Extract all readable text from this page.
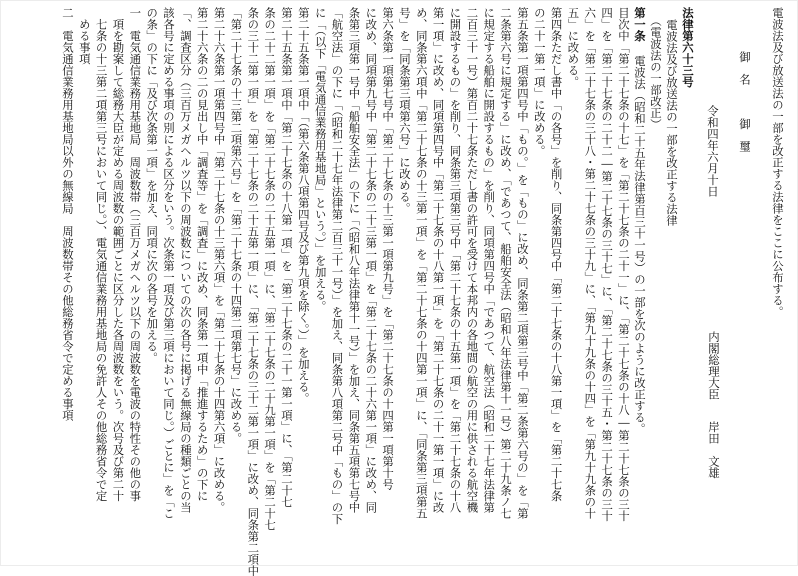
電波法及び放送法の一部を改正する法律をここに公布する。
内閣総理大臣
岸田　文雄
御名　御璽
令和四年六月十日
法律第六十三号
電波法及び放送法の一部を改正する法律
（電波法の一部改正）
第一条
電波法（昭和二十五年法律第百三十一号）の一部を次のように改正する。
目次中「第二十七条の十七」を「第二十七条の二十一」に、「第二十七条の十八―第二十七条の三十
四」を「第二十七条の二十二―第二十七条の三十七」に、「第二十七条の三十五・第二十七条の三十
六」を「第二十七条の三十八・第二十七条の三十九」に、「第九十九条の十四」を「第九十九条の十
五」に改める。
第四条ただし書中「の各号」を削り、同条第四号中「第二十七条の十八第一項」を「第二十七条
の二十一第一項」に改める。
第五条第一項第四号中「もの。」を「もの」に改め、同条第二項第三号中「第二条第六号の」を「第
二条第六号に規定する」に改め、「であつて、船舶安全法（昭和八年法律第十一号）第二十九条ノ七
に規定する船舶に開設するもの」を削り、同項第四号中「であつて、航空法（昭和二十七年法律第
二百三十一号）第百二十七条ただし書の許可を受けて本邦内の各地間の航空の用に供される航空機
に開設するもの」を削り、同条第三項第三号中「第二十七条の十五第一項」を「第二十七条の十八
第一項」に改め、同項第四号中「第二十七条の十八第一項」を「第二十七条の二十一第一項」に改
め、同条第六項中「第二十七条の十三第一項」を「第二十七条の十四第一項」に、「同条第三項第五
号」を「同条第三項第六号」に改める。
第六条第一項第七号中「第二十七条の十三第一項第九号」を「第二十七条の十四第一項第十号
に改め、同項第九号中「第二十七条の二十三第一項」を「第二十七条の二十六第一項」に改め、同
条第三項第一号中「船舶安全法」の下に「（昭和八年法律第十一号）」を加え、同条第五項第七号中
「航空法」の下に「（昭和二十七年法律第二百三十一号）」を加え、同条第八項第二号中「もの」の下
に「（以下「電気通信業務用基地局」という。）」を加える。
第二十五条第一項中「（第六条第八項第四号及び第九項を除く。）」を加える。
第二十五条第一項中「第二十七条の十八第一項」を「第二十七条の二十一第一項」に、「第二十七
条の二十二第一項」を「第二十七条の二十五第一項」に、「第二十七条の二十九第一項」を「第二十七
条の三十二第一項」を「第二十七条の二十五第一項」に、「第二十七条の三十二第一項」に改め、同条第二項中
「第二十七条の十三第二項第六号」を「第二十七条の十四第二項第七号」に改める。
第二十六条第一項第四号中「第二十七条の十三第六項」を「第二十七条の十四第六項」に改める。
第二十六条の二の見出し中「調査等」を「調査」に改め、同条第一項中「推進するため」の下に
「、調査区分（三百万メガヘルツ以下の周波数についての次の各号に掲げる無線局の種類ごとの当
該各号に定める事項の別による区分をいう。次条第一項及び第三項において同じ。）ごとに」を「こ
の条」の下に「及び次条第一項」を加え、同項に次の各号を加える。
一　電気通信業務用基地局　周波数帯（三百万メガヘルツ以下の周波数を電波の特性その他の事
　項を勘案して総務大臣が定める周波数の範囲ごとに区分した各周波数をいう。次号及び第二十
　七条の十三第二項第三号において同じ。）、電気通信業務用基地局の免許人その他総務省令で定
　める事項
二　電気通信業務用基地局以外の無線局　周波数帯その他総務省令で定める事項
